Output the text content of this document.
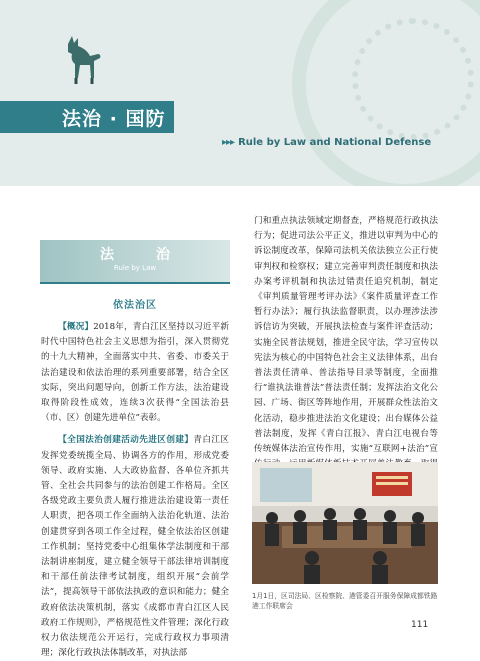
法治 · 国防
▸▸▸ Rule by Law and National Defense
法　治
Rule by Law
依法治区

【概况】2018年，青白江区坚持以习近平新时代中国特色社会主义思想为指引，深入贯彻党的十九大精神，全面落实中共、省委、市委关于法治建设和依法治理的系列重要部署，结合全区实际，突出问题导向，创新工作方法，法治建设取得阶段性成效，连续3次获得“全国法治县（市、区）创建先进单位”表彰。

【全国法治创建活动先进区创建】青白江区发挥党委统揽全局、协调各方的作用，形成党委领导、政府实施、人大政协监督、各单位齐抓共管、全社会共同参与的法治创建工作格局。全区各级党政主要负责人履行推进法治建设第一责任人职责，把各项工作全面纳入法治化轨道、法治创建贯穿到各项工作全过程，健全依法治区创建工作机制；坚持党委中心组集体学法制度和干部法制讲座制度，建立健全领导干部法律培训制度和干部任前法律考试制度，组织开展“会前学法”，提高领导干部依法执政的意识和能力；健全政府依法决策机制，落实《成都市青白江区人民政府工作规则》，严格规范性文件管理；深化行政权力依法规范公开运行，完成行政权力事项清理；深化行政执法体制改革，对执法部

门和重点执法领域定期督查，严格规范行政执法行为；促进司法公平正义，推进以审判为中心的诉讼制度改革，保障司法机关依法独立公正行使审判权和检察权；建立完善审判责任制度和执法办案考评机制和执法过错责任追究机制，制定《审判质量管理考评办法》《案件质量评查工作暂行办法》；履行执法监督职责，以办理涉法涉诉信访为突破，开展执法检查与案件评查活动；实施全民普法规划，推进全民守法，学习宣传以宪法为核心的中国特色社会主义法律体系，出台普法责任清单、普法指导目录等制度，全面推行“谁执法谁普法”普法责任制；发挥法治文化公园、广场、街区等阵地作用，开展群众性法治文化活动，稳步推进法治文化建设；出台媒体公益普法制度，发挥《青白江报》、青白江电视台等传统媒体法治宣传作用，实施“互联网+法治”宣

1月1日，区司法局、区检察院、港管委召开服务保障成都铁路港工作联席会
111
